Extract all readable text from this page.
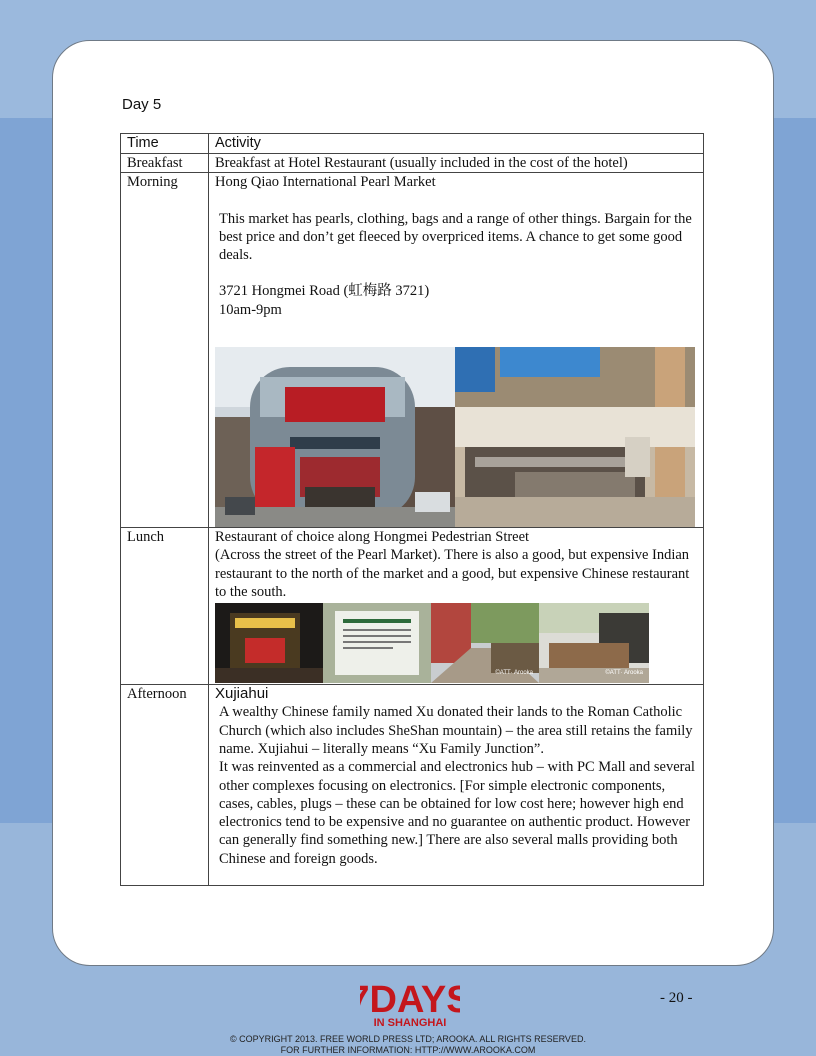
Day 5
Time	Activity
Breakfast	Breakfast at Hotel Restaurant (usually included in the cost of the hotel)
Morning	Hong Qiao International Pearl Market

This market has pearls, clothing, bags and a range of other things. Bargain for the best price and don’t get fleeced by overpriced items. A chance to get some good deals.

3721 Hongmei Road (虹梅路 3721)

10am-9pm

Lunch	Restaurant of choice along Hongmei Pedestrian Street

(Across the street of the Pearl Market). There is also a good, but expensive Indian restaurant to the north of the market and a good, but expensive Chinese restaurant to the south.

©ATT· Arooka ©ATT· Arooka

Afternoon	Xujiahui

A wealthy Chinese family named Xu donated their lands to the Roman Catholic Church (which also includes SheShan mountain) – the area still retains the family name. Xujiahui – literally means “Xu Family Junction”.

It was reinvented as a commercial and electronics hub – with PC Mall and several other complexes focusing on electronics. [For simple electronic components, cases, cables, plugs – these can be obtained for low cost here; however high end electronics tend to be expensive and no guarantee on authentic product. However can generally find something new.] There are also several malls providing both Chinese and foreign goods.

DAYS
IN SHANGHAI
- 20 -
© COPYRIGHT 2013. FREE WORLD PRESS LTD; AROOKA. ALL RIGHTS RESERVED.
FOR FURTHER INFORMATION: HTTP://WWW.AROOKA.COM
